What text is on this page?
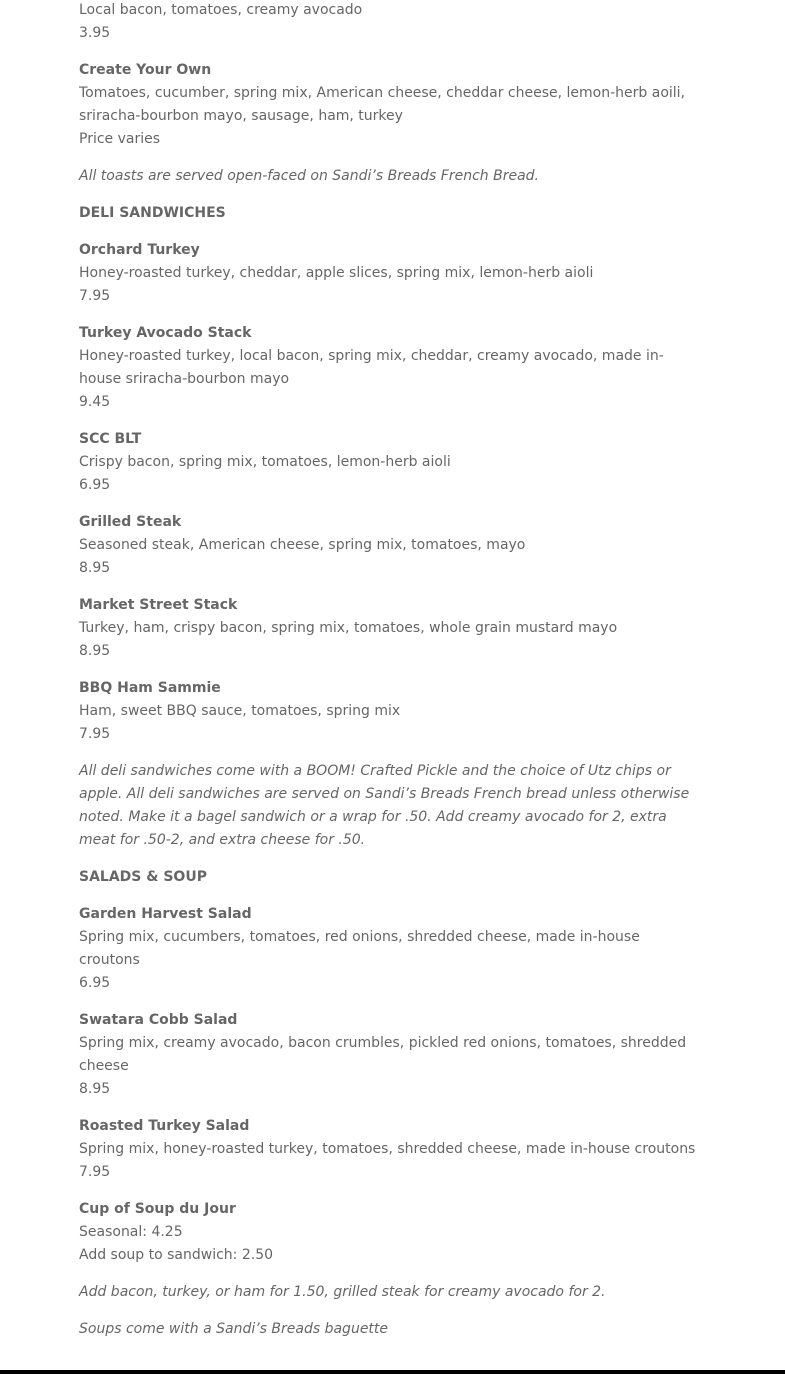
Local bacon, tomatoes, creamy avocado
3.95
Create Your Own
Tomatoes, cucumber, spring mix, American cheese, cheddar cheese, lemon-herb aoili, sriracha-bourbon mayo, sausage, ham, turkey
Price varies
All toasts are served open-faced on Sandi’s Breads French Bread.
DELI SANDWICHES
Orchard Turkey
Honey-roasted turkey, cheddar, apple slices, spring mix, lemon-herb aioli
7.95
Turkey Avocado Stack
Honey-roasted turkey, local bacon, spring mix, cheddar, creamy avocado, made in-house sriracha-bourbon mayo
9.45
SCC BLT
Crispy bacon, spring mix, tomatoes, lemon-herb aioli
6.95
Grilled Steak
Seasoned steak, American cheese, spring mix, tomatoes, mayo
8.95
Market Street Stack
Turkey, ham, crispy bacon, spring mix, tomatoes, whole grain mustard mayo
8.95
BBQ Ham Sammie
Ham, sweet BBQ sauce, tomatoes, spring mix
7.95
All deli sandwiches come with a BOOM! Crafted Pickle and the choice of Utz chips or apple. All deli sandwiches are served on Sandi’s Breads French bread unless otherwise noted. Make it a bagel sandwich or a wrap for .50. Add creamy avocado for 2, extra meat for .50-2, and extra cheese for .50.
SALADS & SOUP
Garden Harvest Salad
Spring mix, cucumbers, tomatoes, red onions, shredded cheese, made in-house croutons
6.95
Swatara Cobb Salad
Spring mix, creamy avocado, bacon crumbles, pickled red onions, tomatoes, shredded cheese
8.95
Roasted Turkey Salad
Spring mix, honey-roasted turkey, tomatoes, shredded cheese, made in-house croutons
7.95
Cup of Soup du Jour
Seasonal: 4.25
Add soup to sandwich: 2.50
Add bacon, turkey, or ham for 1.50, grilled steak for creamy avocado for 2.
Soups come with a Sandi’s Breads baguette
